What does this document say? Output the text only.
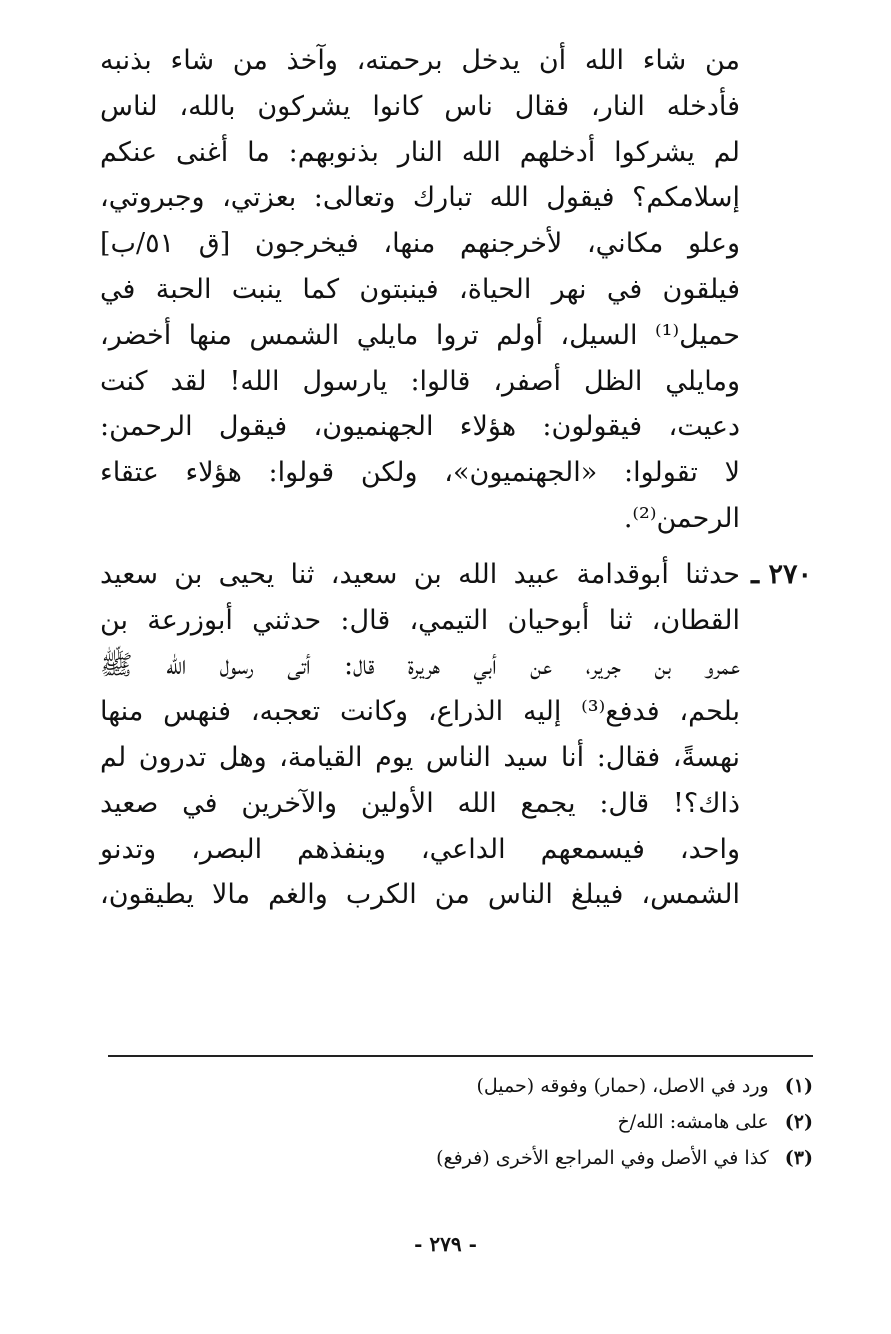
من شاء الله أن يدخل برحمته، وآخذ من شاء بذنبه
فأدخله النار، فقال ناس كانوا يشركون بالله، لناس
لم يشركوا أدخلهم الله النار بذنوبهم: ما أغنى عنكم
إسلامكم؟ فيقول الله تبارك وتعالى: بعزتي، وجبروتي،
وعلو مكاني، لأخرجنهم منها، فيخرجون [ق ٥١/ب]
فيلقون في نهر الحياة، فينبتون كما ينبت الحبة في
حميل⁽¹⁾ السيل، أولم تروا مايلي الشمس منها أخضر،
ومايلي الظل أصفر، قالوا: يارسول الله! لقد كنت
دعيت، فيقولون: هؤلاء الجهنميون، فيقول الرحمن:
لا تقولوا: «الجهنميون»، ولكن قولوا: هؤلاء عتقاء
الرحمن⁽²⁾.
٢٧٠ ـ
حدثنا أبوقدامة عبيد الله بن سعيد، ثنا يحيى بن سعيد
القطان، ثنا أبوحيان التيمي، قال: حدثني أبوزرعة بن
عمرو بن جرير، عن أبي هريرة قال: أتى رسول الله ﷺ
بلحم، فدفع⁽³⁾ إليه الذراع، وكانت تعجبه، فنهس منها
نهسةً، فقال: أنا سيد الناس يوم القيامة، وهل تدرون لم
ذاك؟! قال: يجمع الله الأولين والآخرين في صعيد
واحد، فيسمعهم الداعي، وينفذهم البصر، وتدنو
الشمس، فيبلغ الناس من الكرب والغم مالا يطيقون،
(١) ورد في الاصل، (حمار) وفوقه (حميل)
(٢) على هامشه: الله/خ
(٣) كذا في الأصل وفي المراجع الأخرى (فرفع)
- ٢٧٩ -
